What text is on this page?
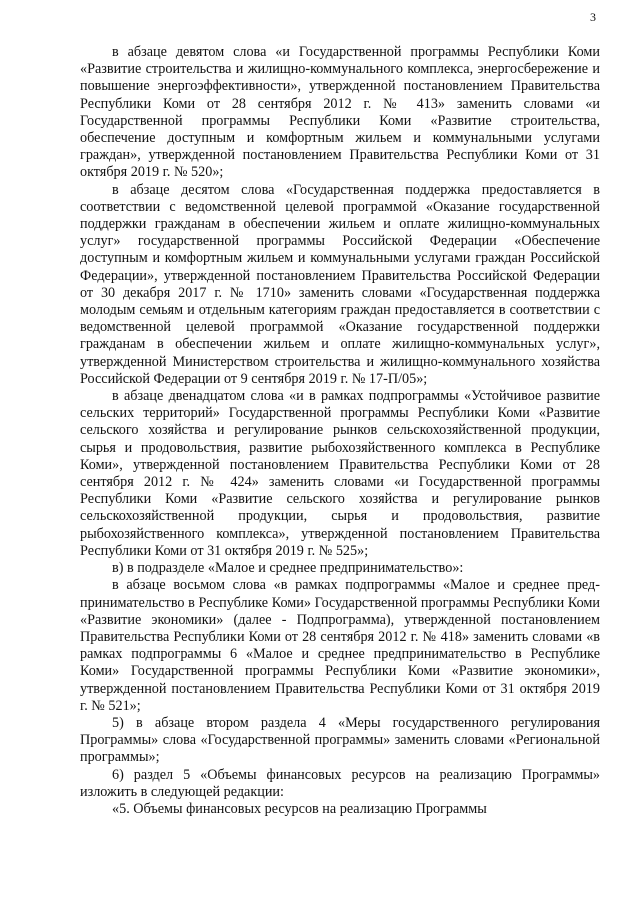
3

в абзаце девятом слова «и Государственной программы Республики Коми «Развитие строительства и жилищно-коммунального комплекса, энергосбережение и повышение энергоэффективности», утвержденной постановлением Правительства Республики Коми от 28 сентября 2012 г. № 413» заменить словами «и Государственной программы Республики Коми «Развитие строительства, обеспечение доступным и комфортным жильем и коммунальными услугами граждан», утвержденной постановлением Правительства Республики Коми от 31 октября 2019 г. № 520»;

в абзаце десятом слова «Государственная поддержка предоставляется в соответствии с ведомственной целевой программой «Оказание государственной поддержки гражданам в обеспечении жильем и оплате жилищно-коммунальных услуг» государственной программы Российской Федерации «Обеспечение доступным и комфортным жильем и коммунальными услугами граждан Российской Федерации», утвержденной постановлением Правительства Российской Федерации от 30 декабря 2017 г. № 1710» заменить словами «Государственная поддержка молодым семьям и отдельным категориям граждан предоставляется в соответствии с ведомственной целевой программой «Оказание государственной поддержки гражданам в обеспечении жильем и оплате жилищно-коммунальных услуг», утвержденной Министерством строительства и жилищно-коммунального хозяйства Российской Федерации от 9 сентября 2019 г. № 17-П/05»;

в абзаце двенадцатом слова «и в рамках подпрограммы «Устойчивое развитие сельских территорий» Государственной программы Республики Коми «Развитие сельского хозяйства и регулирование рынков сельскохозяйственной продукции, сырья и продовольствия, развитие рыбохозяйственного комплекса в Республике Коми», утвержденной постановлением Правительства Республики Коми от 28 сентября 2012 г. № 424» заменить словами «и Государственной программы Республики Коми «Развитие сельского хозяйства и регулирование рынков сельскохозяйственной продукции, сырья и продовольствия, развитие рыбохозяйственного комплекса», утвержденной постановлением Правительства Республики Коми от 31 октября 2019 г. № 525»;

в) в подразделе «Малое и среднее предпринимательство»:

в абзаце восьмом слова «в рамках подпрограммы «Малое и среднее предпринимательство в Республике Коми» Государственной программы Республики Коми «Развитие экономики» (далее - Подпрограмма), утвержденной постановлением Правительства Республики Коми от 28 сентября 2012 г. № 418» заменить словами «в рамках подпрограммы 6 «Малое и среднее предпринимательство в Республике Коми» Государственной программы Республики Коми «Развитие экономики», утвержденной постановлением Правительства Республики Коми от 31 октября 2019 г. № 521»;

5) в абзаце втором раздела 4 «Меры государственного регулирования Программы» слова «Государственной программы» заменить словами «Региональной программы»;

6) раздел 5 «Объемы финансовых ресурсов на реализацию Программы» изложить в следующей редакции:

«5. Объемы финансовых ресурсов на реализацию Программы
